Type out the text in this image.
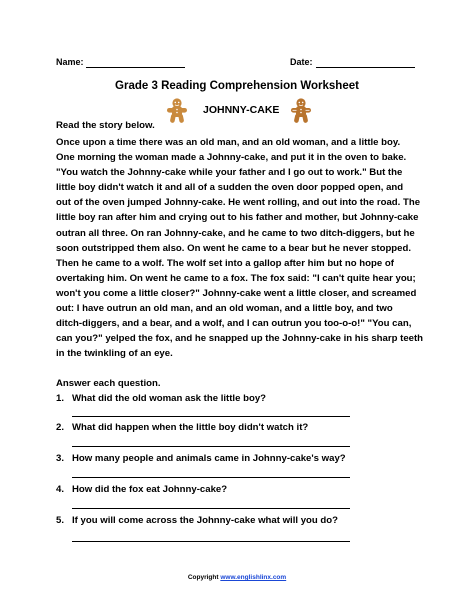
Name:	Date:
Grade 3 Reading Comprehension Worksheet
JOHNNY-CAKE
Read the story below.

Once upon a time there was an old man, and an old woman, and a little boy.

One morning the woman made a Johnny-cake, and put it in the oven to bake.

"You watch the Johnny-cake while your father and I go out to work." But the

little boy didn't watch it and all of a sudden the oven door popped open, and

out of the oven jumped Johnny-cake. He went rolling, and out into the road. The

little boy ran after him and crying out to his father and mother, but Johnny-cake

outran all three. On ran Johnny-cake, and he came to two ditch-diggers, but he

soon outstripped them also. On went he came to a bear but he never stopped.

Then he came to a wolf. The wolf set into a gallop after him but no hope of

overtaking him. On went he came to a fox. The fox said: "I can't quite hear you;

won't you come a little closer?" Johnny-cake went a little closer, and screamed

out: I have outrun an old man, and an old woman, and a little boy, and two

ditch-diggers, and a bear, and a wolf, and I can outrun you too-o-o!" "You can,

can you?" yelped the fox, and he snapped up the Johnny-cake in his sharp teeth

in the twinkling of an eye.

Answer each question.
1. What did the old woman ask the little boy?
2. What did happen when the little boy didn't watch it?
3. How many people and animals came in Johnny-cake's way?
4. How did the fox eat Johnny-cake?
5. If you will come across the Johnny-cake what will you do?
Copyright www.englishlinx.com
